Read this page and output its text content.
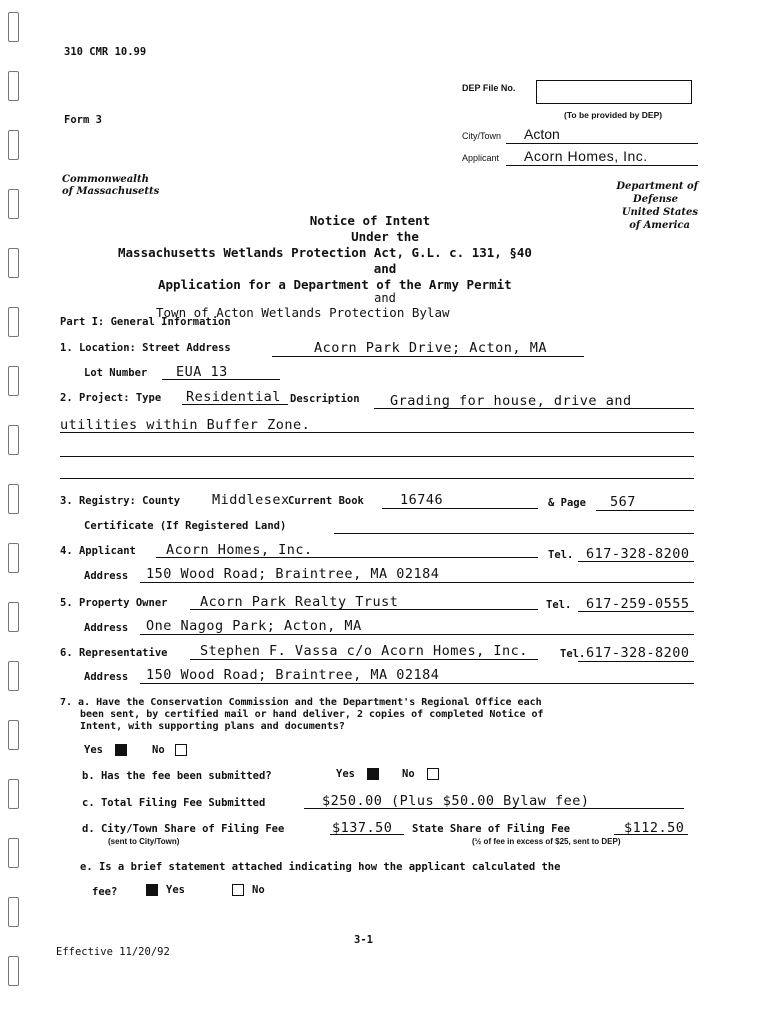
310 CMR 10.99
DEP File No.
(To be provided by DEP)
Form 3
City/Town Acton
Applicant Acorn Homes, Inc.
Commonwealth
of Massachusetts	Department of
Defense
United States
of America
Notice of Intent
Under the
Massachusetts Wetlands Protection Act, G.L. c. 131, §40
and
Application for a Department of the Army Permit
and
Town of Acton Wetlands Protection Bylaw
Part I: General Information
1. Location: Street Address	Acorn Park Drive; Acton, MA
Lot Number EUA 13
2. Project: Type Residential Description Grading for house, drive and
utilities within Buffer Zone.
3. Registry: County Middlesex
Current Book	16746	& Page 567
Certificate (If Registered Land)
4. Applicant Acorn Homes, Inc.	Tel. 617-328-8200
Address 150 Wood Road; Braintree, MA 02184
5. Property Owner Acorn Park Realty Trust	Tel. 617-259-0555
Address One Nagog Park; Acton, MA
6. Representative Stephen F. Vassa c/o Acorn Homes, Inc.	Tel. 617-328-8200
Address 150 Wood Road; Braintree, MA 02184
7. a. Have the Conservation Commission and the Department's Regional Office each
been sent, by certified mail or hand deliver, 2 copies of completed Notice of
Intent, with supporting plans and documents?
Yes	No
b. Has the fee been submitted?	Yes	No
c. Total Filing Fee Submitted	$250.00 (Plus $50.00 Bylaw fee)
d. City/Town Share of Filing Fee	$137.50
(sent to City/Town)
State Share of Filing Fee	$112.50
(½ of fee in excess of $25, sent to DEP)
e. Is a brief statement attached indicating how the applicant calculated the
fee?	Yes	No
3-1
Effective 11/20/92
